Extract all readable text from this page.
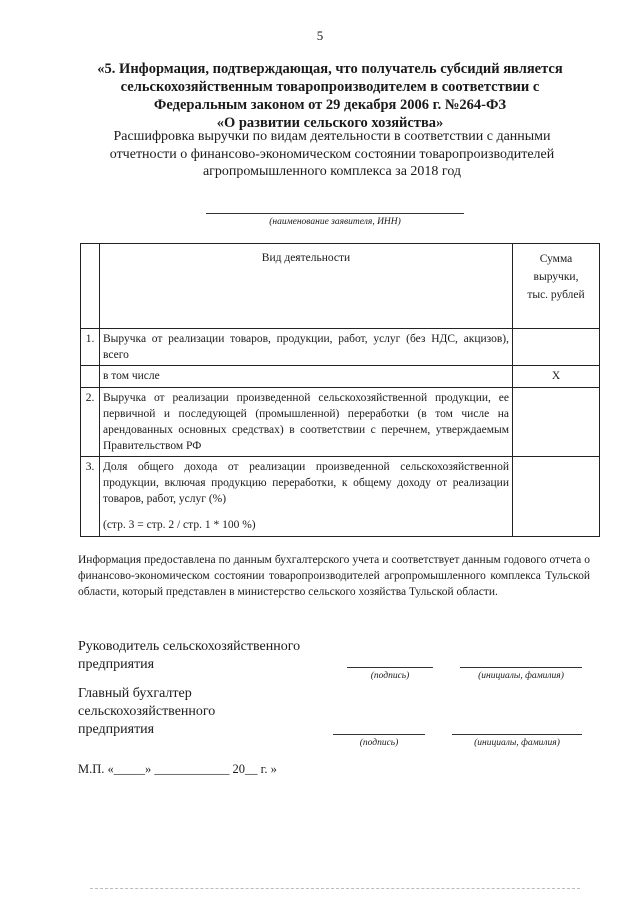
5
«5. Информация, подтверждающая, что получатель субсидий является
сельскохозяйственным товаропроизводителем в соответствии с
Федеральным законом от 29 декабря 2006 г. №264-ФЗ
«О развитии сельского хозяйства»
Расшифровка выручки по видам деятельности в соответствии с данными
отчетности о финансово-экономическом состоянии товаропроизводителей
агропромышленного комплекса за 2018 год
(наименование заявителя, ИНН)
	Вид деятельности	Сумма
выручки,
тыс. рублей

1.	Выручка от реализации товаров, продукции, работ, услуг (без НДС, акцизов), всего	
	в том числе	X
2.	Выручка от реализации произведенной сельскохозяйственной продукции, ее первичной и последующей (промышленной) переработки (в том числе на арендованных основных средствах) в соответствии с перечнем, утверждаемым Правительством РФ	
3.	Доля общего дохода от реализации произведенной сельскохозяйственной продукции, включая продукцию переработки, к общему доходу от реализации товаров, работ, услуг (%)
(стр. 3 = стр. 2 / стр. 1 * 100 %)	

Информация предоставлена по данным бухгалтерского учета и соответствует данным годового отчета о финансово-экономическом состоянии товаропроизводителей агропромышленного комплекса Тульской области, который представлен в министерство сельского хозяйства Тульской области.
Руководитель сельскохозяйственного
предприятия
(подпись)	(инициалы, фамилия)
Главный бухгалтер
сельскохозяйственного
предприятия
(подпись)	(инициалы, фамилия)
М.П. «_____» ____________ 20__ г. »
